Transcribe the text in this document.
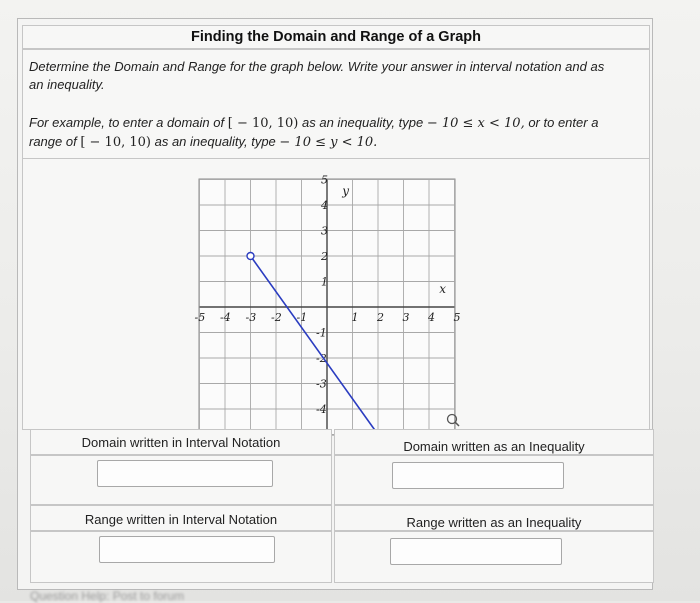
Finding the Domain and Range of a Graph

Determine the Domain and Range for the graph below. Write your answer in interval notation and as
an inequality.

For example, to enter a domain of [ − 10, 10) as an inequality, type − 10 ≤ x < 10, or to enter a
range of [ − 10, 10) as an inequality, type − 10 ≤ y < 10.

-5 -4 -3 -2 -1	1 2 3 4 5
5
4
3
2
1
-1
-2
-3
-4
x
y
Domain written in Interval Notation	Domain written as an Inequality
Range written in Interval Notation	Range written as an Inequality
Question Help: Post to forum
